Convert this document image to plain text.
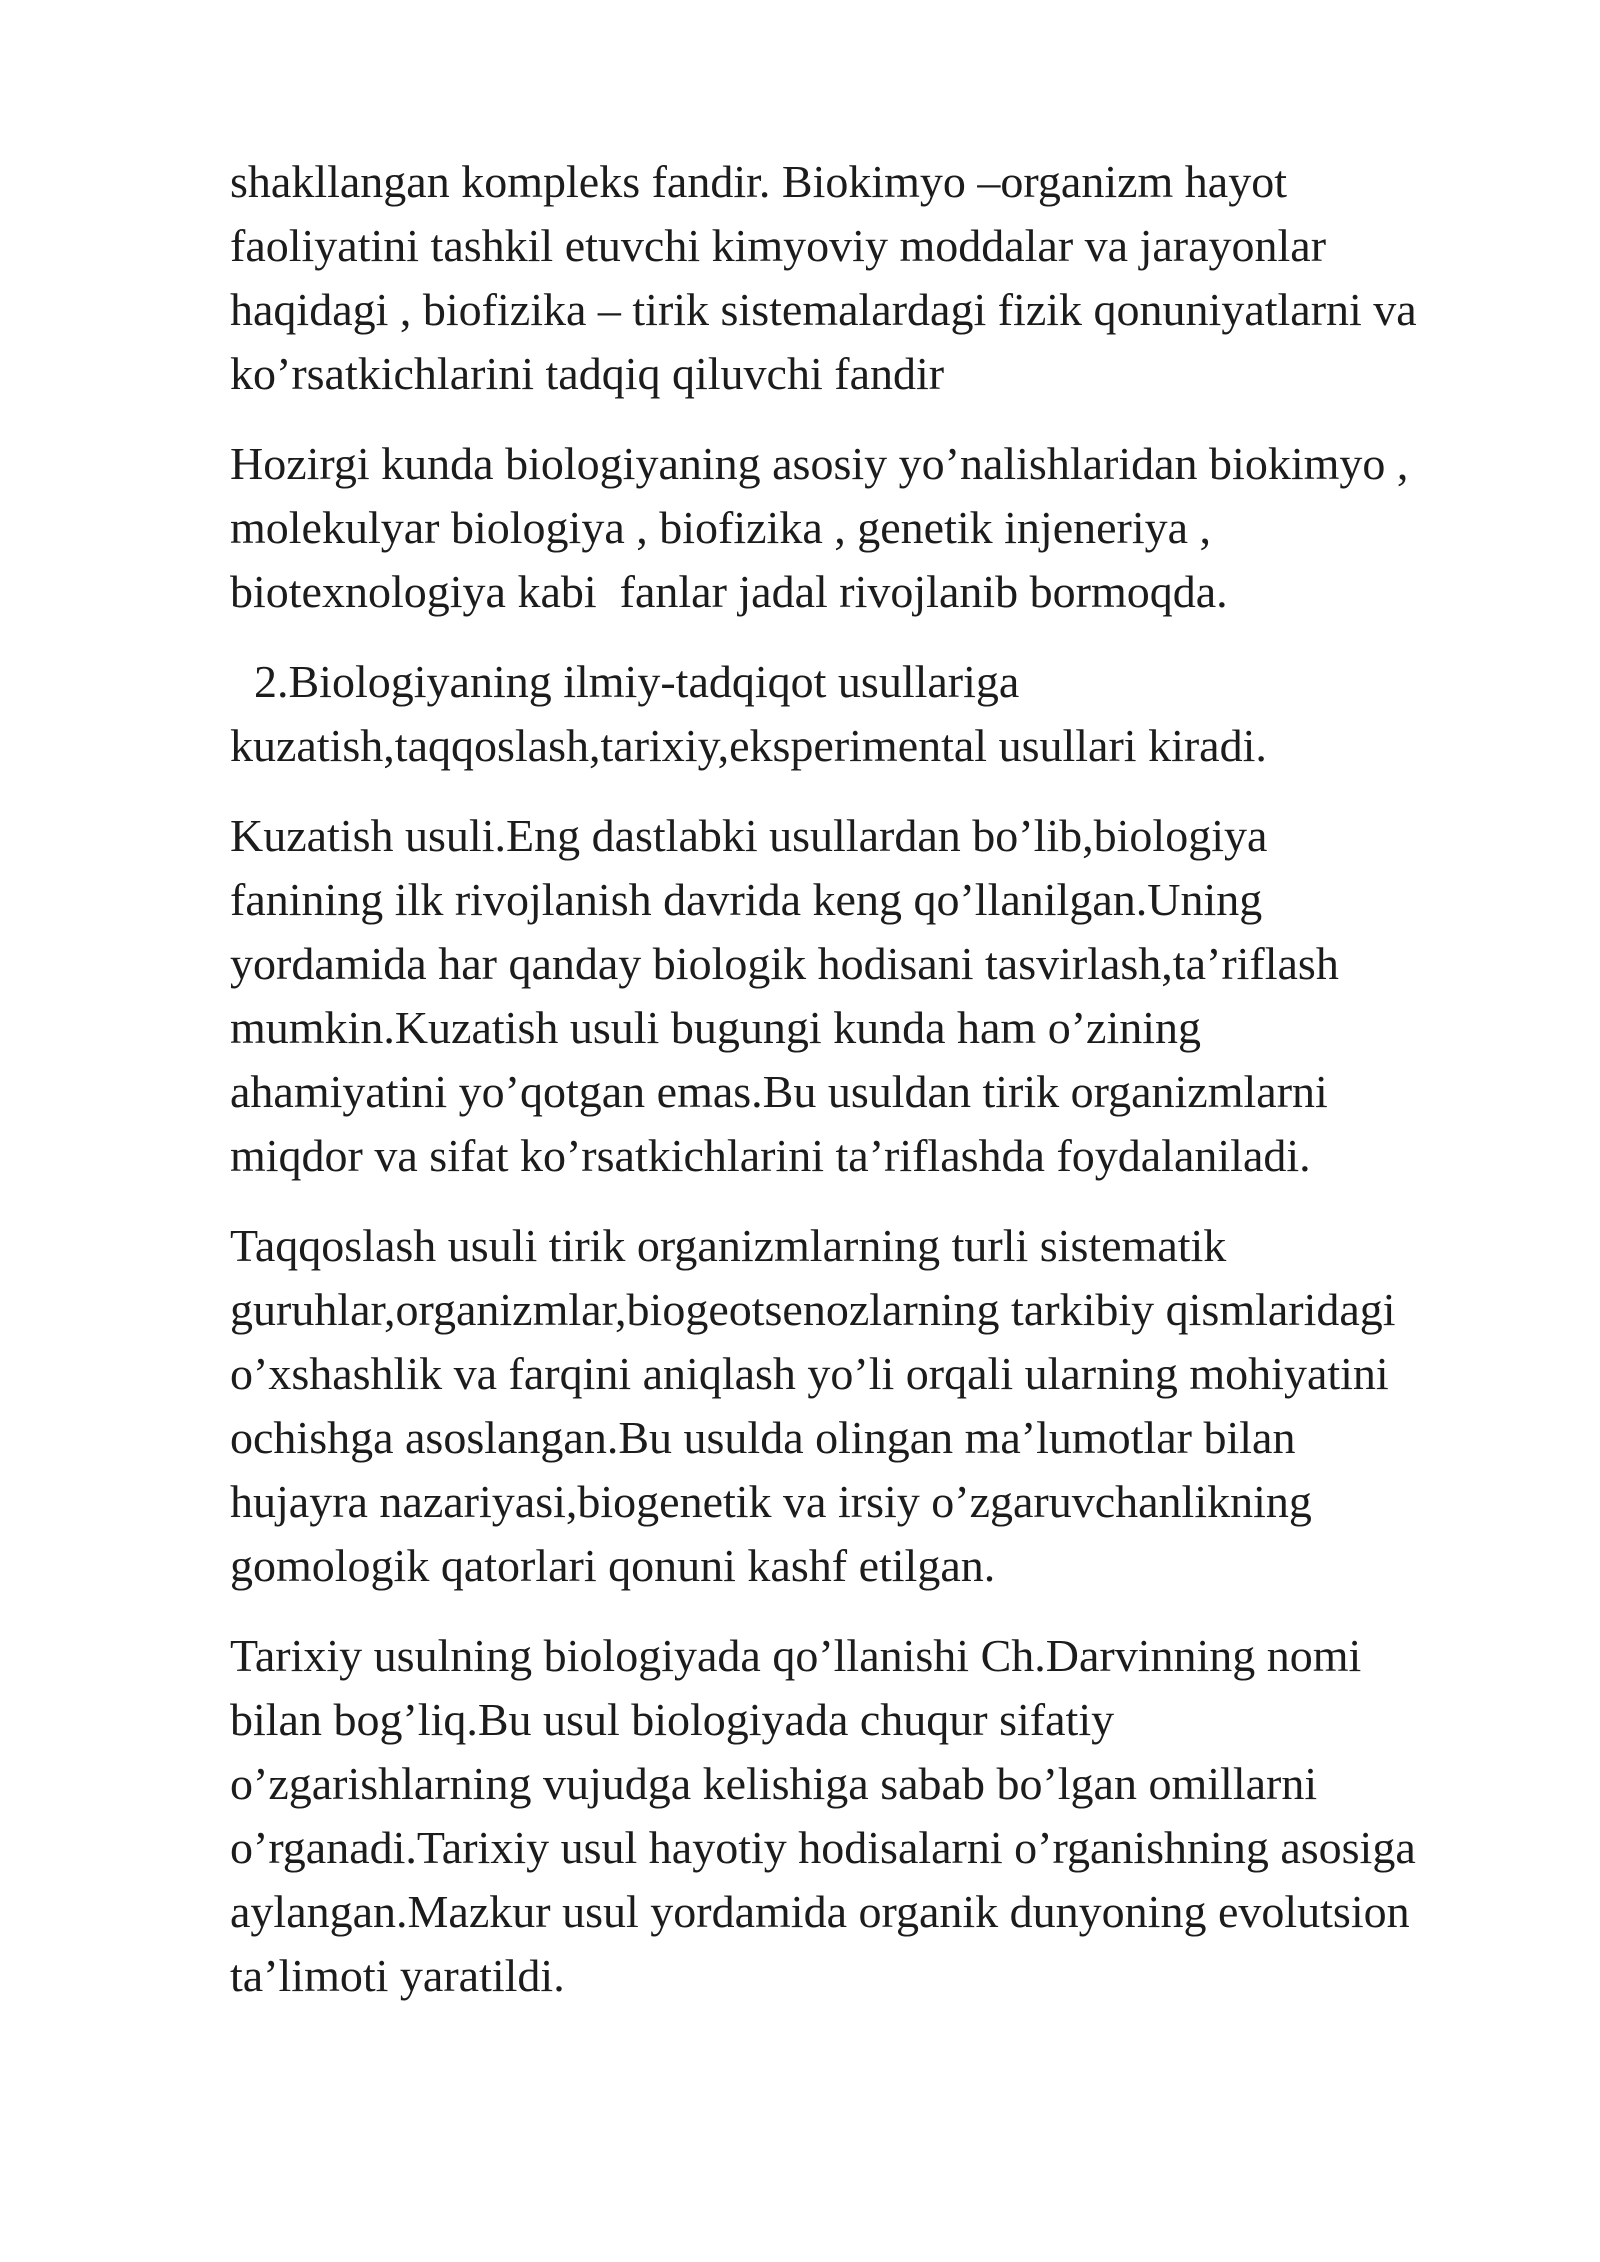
shakllangan kompleks fandir. Biokimyo –organizm hayot
faoliyatini tashkil etuvchi kimyoviy moddalar va jarayonlar
haqidagi , biofizika – tirik sistemalardagi fizik qonuniyatlarni va
ko’rsatkichlarini tadqiq qiluvchi fandir

Hozirgi kunda biologiyaning asosiy yo’nalishlaridan biokimyo ,
molekulyar biologiya , biofizika , genetik injeneriya ,
biotexnologiya kabi  fanlar jadal rivojlanib bormoqda.

2.Biologiyaning ilmiy-tadqiqot usullariga
kuzatish,taqqoslash,tarixiy,eksperimental usullari kiradi.

Kuzatish usuli.Eng dastlabki usullardan bo’lib,biologiya
fanining ilk rivojlanish davrida keng qo’llanilgan.Uning
yordamida har qanday biologik hodisani tasvirlash,ta’riflash
mumkin.Kuzatish usuli bugungi kunda ham o’zining
ahamiyatini yo’qotgan emas.Bu usuldan tirik organizmlarni
miqdor va sifat ko’rsatkichlarini ta’riflashda foydalaniladi.

Taqqoslash usuli tirik organizmlarning turli sistematik
guruhlar,organizmlar,biogeotsenozlarning tarkibiy qismlaridagi
o’xshashlik va farqini aniqlash yo’li orqali ularning mohiyatini
ochishga asoslangan.Bu usulda olingan ma’lumotlar bilan
hujayra nazariyasi,biogenetik va irsiy o’zgaruvchanlikning
gomologik qatorlari qonuni kashf etilgan.

Tarixiy usulning biologiyada qo’llanishi Ch.Darvinning nomi
bilan bog’liq.Bu usul biologiyada chuqur sifatiy
o’zgarishlarning vujudga kelishiga sabab bo’lgan omillarni
o’rganadi.Tarixiy usul hayotiy hodisalarni o’rganishning asosiga
aylangan.Mazkur usul yordamida organik dunyoning evolutsion
ta’limoti yaratildi.
